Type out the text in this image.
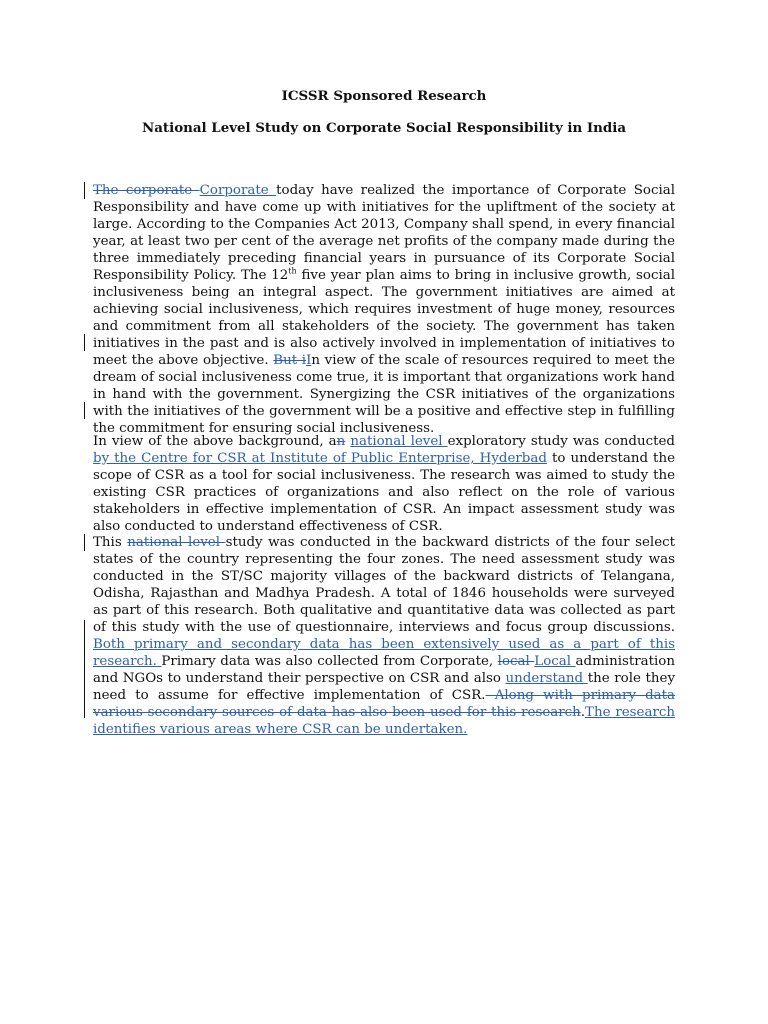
ICSSR Sponsored Research
National Level Study on Corporate Social Responsibility in India
The corporate Corporate today have realized the importance of Corporate Social Responsibility and have come up with initiatives for the upliftment of the society at large. According to the Companies Act 2013, Company shall spend, in every financial year, at least two per cent of the average net profits of the company made during the three immediately preceding financial years in pursuance of its Corporate Social Responsibility Policy. The 12th five year plan aims to bring in inclusive growth, social inclusiveness being an integral aspect. The government initiatives are aimed at achieving social inclusiveness, which requires investment of huge money, resources and commitment from all stakeholders of the society. The government has taken initiatives in the past and is also actively involved in implementation of initiatives to meet the above objective. But iIn view of the scale of resources required to meet the dream of social inclusiveness come true, it is important that organizations work hand in hand with the government. Synergizing the CSR initiatives of the organizations with the initiatives of the government will be a positive and effective step in fulfilling the commitment for ensuring social inclusiveness.
In view of the above background, an national level exploratory study was conducted by the Centre for CSR at Institute of Public Enterprise, Hyderbad to understand the scope of CSR as a tool for social inclusiveness. The research was aimed to study the existing CSR practices of organizations and also reflect on the role of various stakeholders in effective implementation of CSR. An impact assessment study was also conducted to understand effectiveness of CSR.
This national level study was conducted in the backward districts of the four select states of the country representing the four zones. The need assessment study was conducted in the ST/SC majority villages of the backward districts of Telangana, Odisha, Rajasthan and Madhya Pradesh. A total of 1846 households were surveyed as part of this research. Both qualitative and quantitative data was collected as part of this study with the use of questionnaire, interviews and focus group discussions. Both primary and secondary data has been extensively used as a part of this research. Primary data was also collected from Corporate, local Local administration and NGOs to understand their perspective on CSR and also understand the role they need to assume for effective implementation of CSR. Along with primary data various secondary sources of data has also been used for this research.The research identifies various areas where CSR can be undertaken.
